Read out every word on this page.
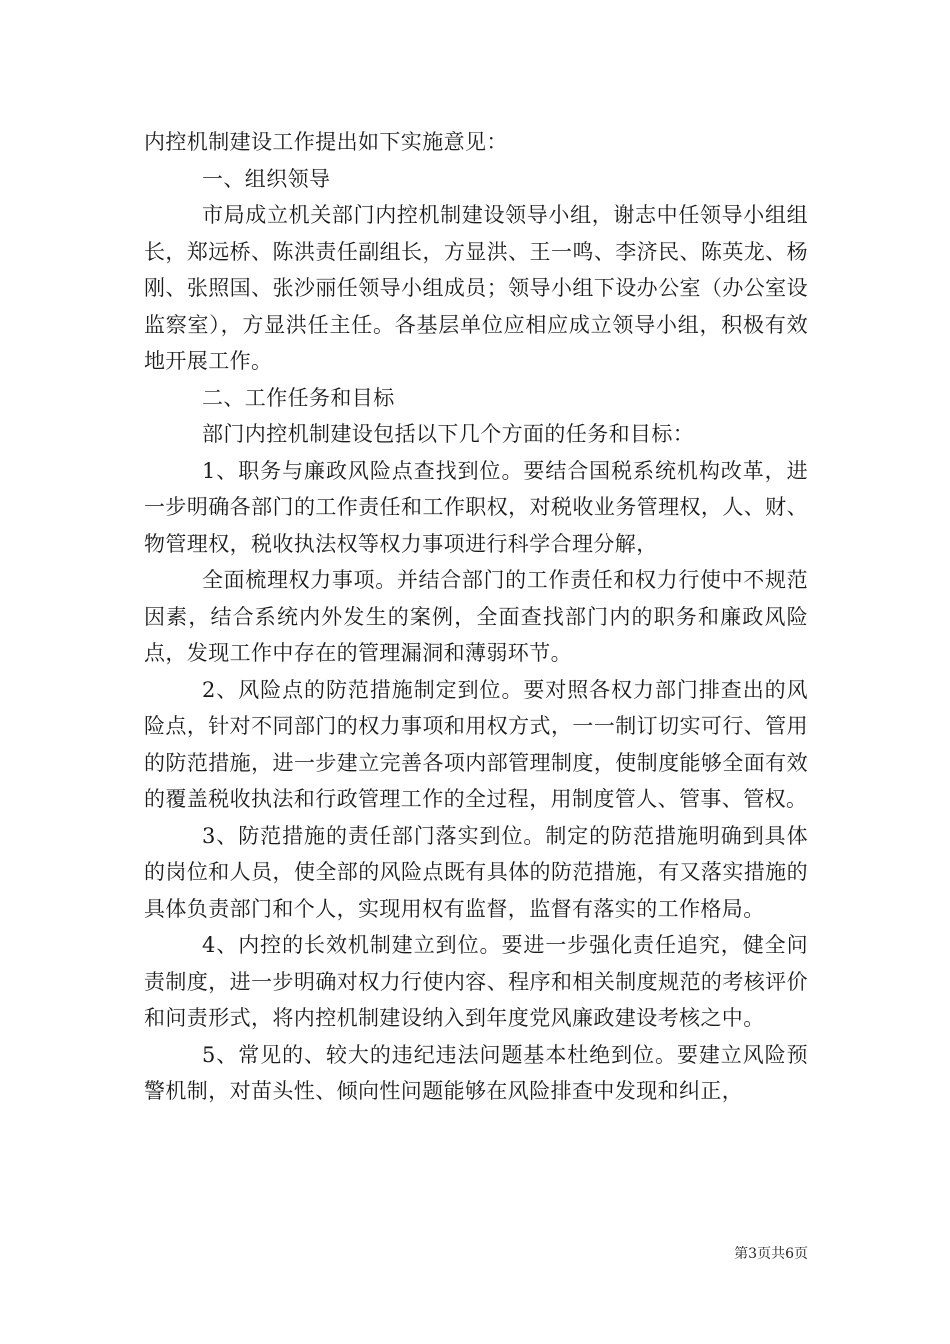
内控机制建设工作提出如下实施意见：

一、组织领导

市局成立机关部门内控机制建设领导小组，谢志中任领导小组组长，郑远桥、陈洪责任副组长，方显洪、王一鸣、李济民、陈英龙、杨刚、张照国、张沙丽任领导小组成员；领导小组下设办公室（办公室设监察室），方显洪任主任。各基层单位应相应成立领导小组，积极有效地开展工作。

二、工作任务和目标

部门内控机制建设包括以下几个方面的任务和目标：

1、职务与廉政风险点查找到位。要结合国税系统机构改革，进一步明确各部门的工作责任和工作职权，对税收业务管理权，人、财、物管理权，税收执法权等权力事项进行科学合理分解，

全面梳理权力事项。并结合部门的工作责任和权力行使中不规范因素，结合系统内外发生的案例，全面查找部门内的职务和廉政风险点，发现工作中存在的管理漏洞和薄弱环节。

2、风险点的防范措施制定到位。要对照各权力部门排查出的风险点，针对不同部门的权力事项和用权方式，一一制订切实可行、管用的防范措施，进一步建立完善各项内部管理制度，使制度能够全面有效的覆盖税收执法和行政管理工作的全过程，用制度管人、管事、管权。

3、防范措施的责任部门落实到位。制定的防范措施明确到具体的岗位和人员，使全部的风险点既有具体的防范措施，有又落实措施的具体负责部门和个人，实现用权有监督，监督有落实的工作格局。

4、内控的长效机制建立到位。要进一步强化责任追究，健全问责制度，进一步明确对权力行使内容、程序和相关制度规范的考核评价和问责形式，将内控机制建设纳入到年度党风廉政建设考核之中。

5、常见的、较大的违纪违法问题基本杜绝到位。要建立风险预警机制，对苗头性、倾向性问题能够在风险排查中发现和纠正，

第3页共6页
